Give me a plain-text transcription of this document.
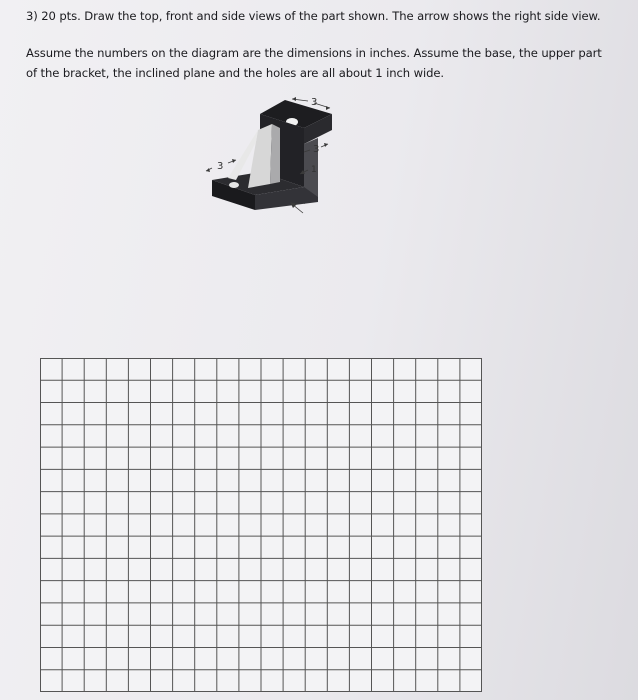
3) 20 pts. Draw the top, front and side views of the part shown. The arrow shows the right side view.
Assume the numbers on the diagram are the dimensions in inches. Assume the base, the upper part of the bracket, the inclined plane and the holes are all about 1 inch wide.
3
3
3
1
